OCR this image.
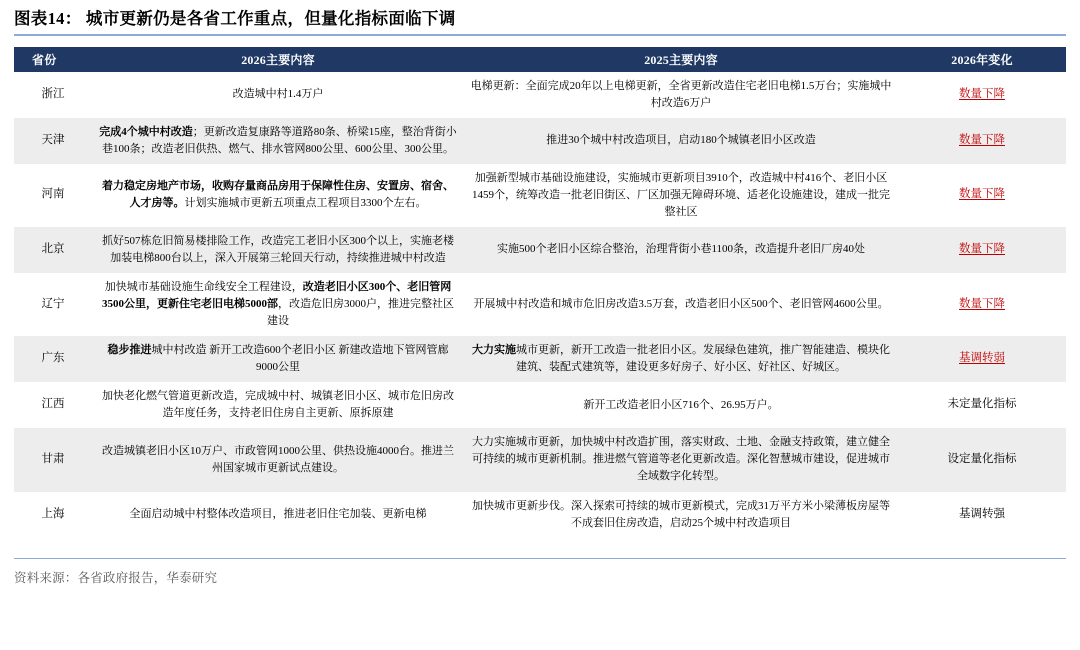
图表14： 城市更新仍是各省工作重点，但量化指标面临下调
省份	2026主要内容	2025主要内容	2026年变化
浙江	改造城中村1.4万户	电梯更新：全面完成20年以上电梯更新，全省更新改造住宅老旧电梯1.5万台；实施城中村改造6万户	数量下降
天津	完成4个城中村改造；更新改造复康路等道路80条、桥梁15座，整治背街小巷100条；改造老旧供热、燃气、排水管网800公里、600公里、300公里。	推进30个城中村改造项目，启动180个城镇老旧小区改造	数量下降
河南	着力稳定房地产市场，收购存量商品房用于保障性住房、安置房、宿舍、人才房等。计划实施城市更新五项重点工程项目3300个左右。	加强新型城市基础设施建设，实施城市更新项目3910个，改造城中村416个、老旧小区1459个，统筹改造一批老旧街区、厂区加强无障碍环境、适老化设施建设，建成一批完整社区	数量下降
北京	抓好507栋危旧简易楼排险工作，改造完工老旧小区300个以上，实施老楼加装电梯800台以上，深入开展第三轮回天行动，持续推进城中村改造	实施500个老旧小区综合整治，治理背街小巷1100条，改造提升老旧厂房40处	数量下降
辽宁	加快城市基础设施生命线安全工程建设，改造老旧小区300个、老旧管网3500公里，更新住宅老旧电梯5000部，改造危旧房3000户，推进完整社区建设	开展城中村改造和城市危旧房改造3.5万套，改造老旧小区500个、老旧管网4600公里。	数量下降
广东	稳步推进城中村改造 新开工改造600个老旧小区 新建改造地下管网管廊9000公里	大力实施城市更新，新开工改造一批老旧小区。发展绿色建筑，推广智能建造、模块化建筑、装配式建筑等，建设更多好房子、好小区、好社区、好城区。	基调转弱
江西	加快老化燃气管道更新改造，完成城中村、城镇老旧小区、城市危旧房改造年度任务，支持老旧住房自主更新、原拆原建	新开工改造老旧小区716个、26.95万户。	未定量化指标
甘肃	改造城镇老旧小区10万户、市政管网1000公里、供热设施4000台。推进兰州国家城市更新试点建设。	大力实施城市更新，加快城中村改造扩围，落实财政、土地、金融支持政策，建立健全可持续的城市更新机制。推进燃气管道等老化更新改造。深化智慧城市建设，促进城市全域数字化转型。	设定量化指标
上海	全面启动城中村整体改造项目，推进老旧住宅加装、更新电梯	加快城市更新步伐。深入探索可持续的城市更新模式，完成31万平方米小梁薄板房屋等不成套旧住房改造，启动25个城中村改造项目	基调转强
资料来源：各省政府报告，华泰研究
